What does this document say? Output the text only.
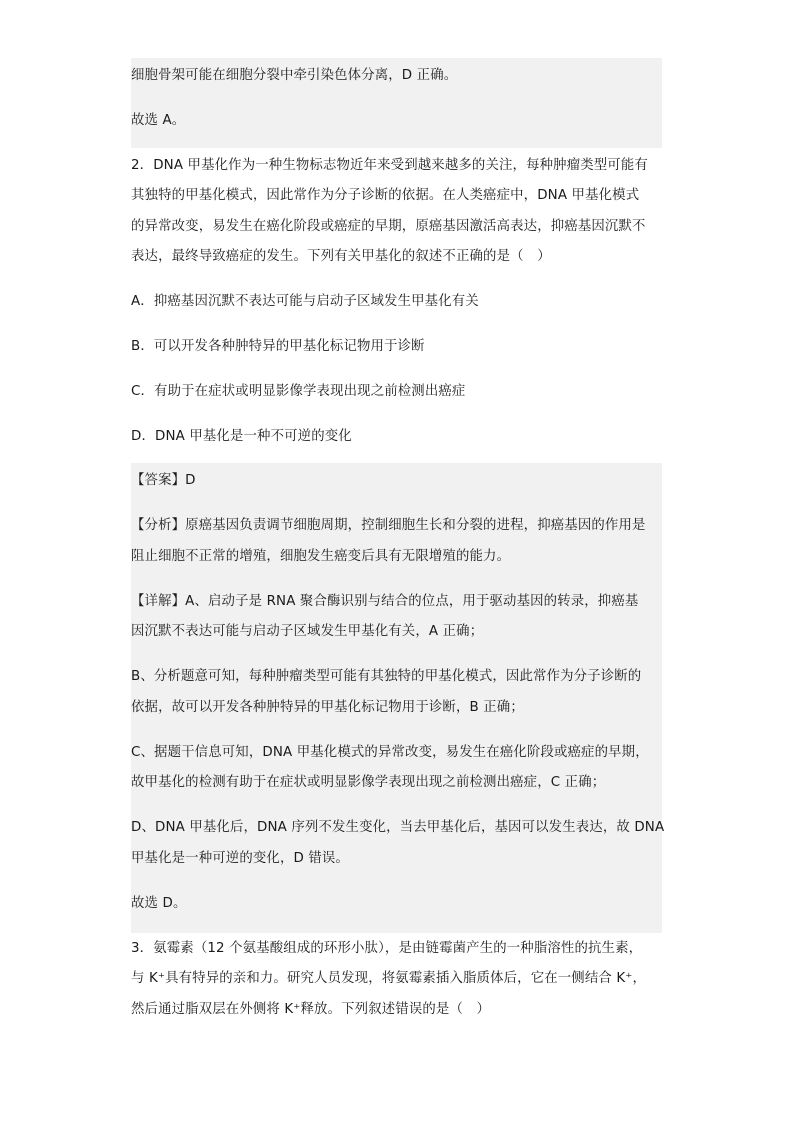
细胞骨架可能在细胞分裂中牵引染色体分离，D 正确。
故选 A。
2．DNA 甲基化作为一种生物标志物近年来受到越来越多的关注，每种肿瘤类型可能有
其独特的甲基化模式，因此常作为分子诊断的依据。在人类癌症中，DNA 甲基化模式
的异常改变，易发生在癌化阶段或癌症的早期，原癌基因激活高表达，抑癌基因沉默不
表达，最终导致癌症的发生。下列有关甲基化的叙述不正确的是（　）
A．抑癌基因沉默不表达可能与启动子区域发生甲基化有关
B．可以开发各种肿特异的甲基化标记物用于诊断
C．有助于在症状或明显影像学表现出现之前检测出癌症
D．DNA 甲基化是一种不可逆的变化
【答案】D
【分析】原癌基因负责调节细胞周期，控制细胞生长和分裂的进程，抑癌基因的作用是
阻止细胞不正常的增殖，细胞发生癌变后具有无限增殖的能力。
【详解】A、启动子是 RNA 聚合酶识别与结合的位点，用于驱动基因的转录，抑癌基
因沉默不表达可能与启动子区域发生甲基化有关，A 正确；
B、分析题意可知，每种肿瘤类型可能有其独特的甲基化模式，因此常作为分子诊断的
依据，故可以开发各种肿特异的甲基化标记物用于诊断，B 正确；
C、据题干信息可知，DNA 甲基化模式的异常改变，易发生在癌化阶段或癌症的早期，
故甲基化的检测有助于在症状或明显影像学表现出现之前检测出癌症，C 正确；
D、DNA 甲基化后，DNA 序列不发生变化，当去甲基化后，基因可以发生表达，故 DNA
甲基化是一种可逆的变化，D 错误。
故选 D。
3．氨霉素（12 个氨基酸组成的环形小肽），是由链霉菌产生的一种脂溶性的抗生素，
与 K⁺具有特异的亲和力。研究人员发现，将氨霉素插入脂质体后，它在一侧结合 K⁺，
然后通过脂双层在外侧将 K⁺释放。下列叙述错误的是（　）
